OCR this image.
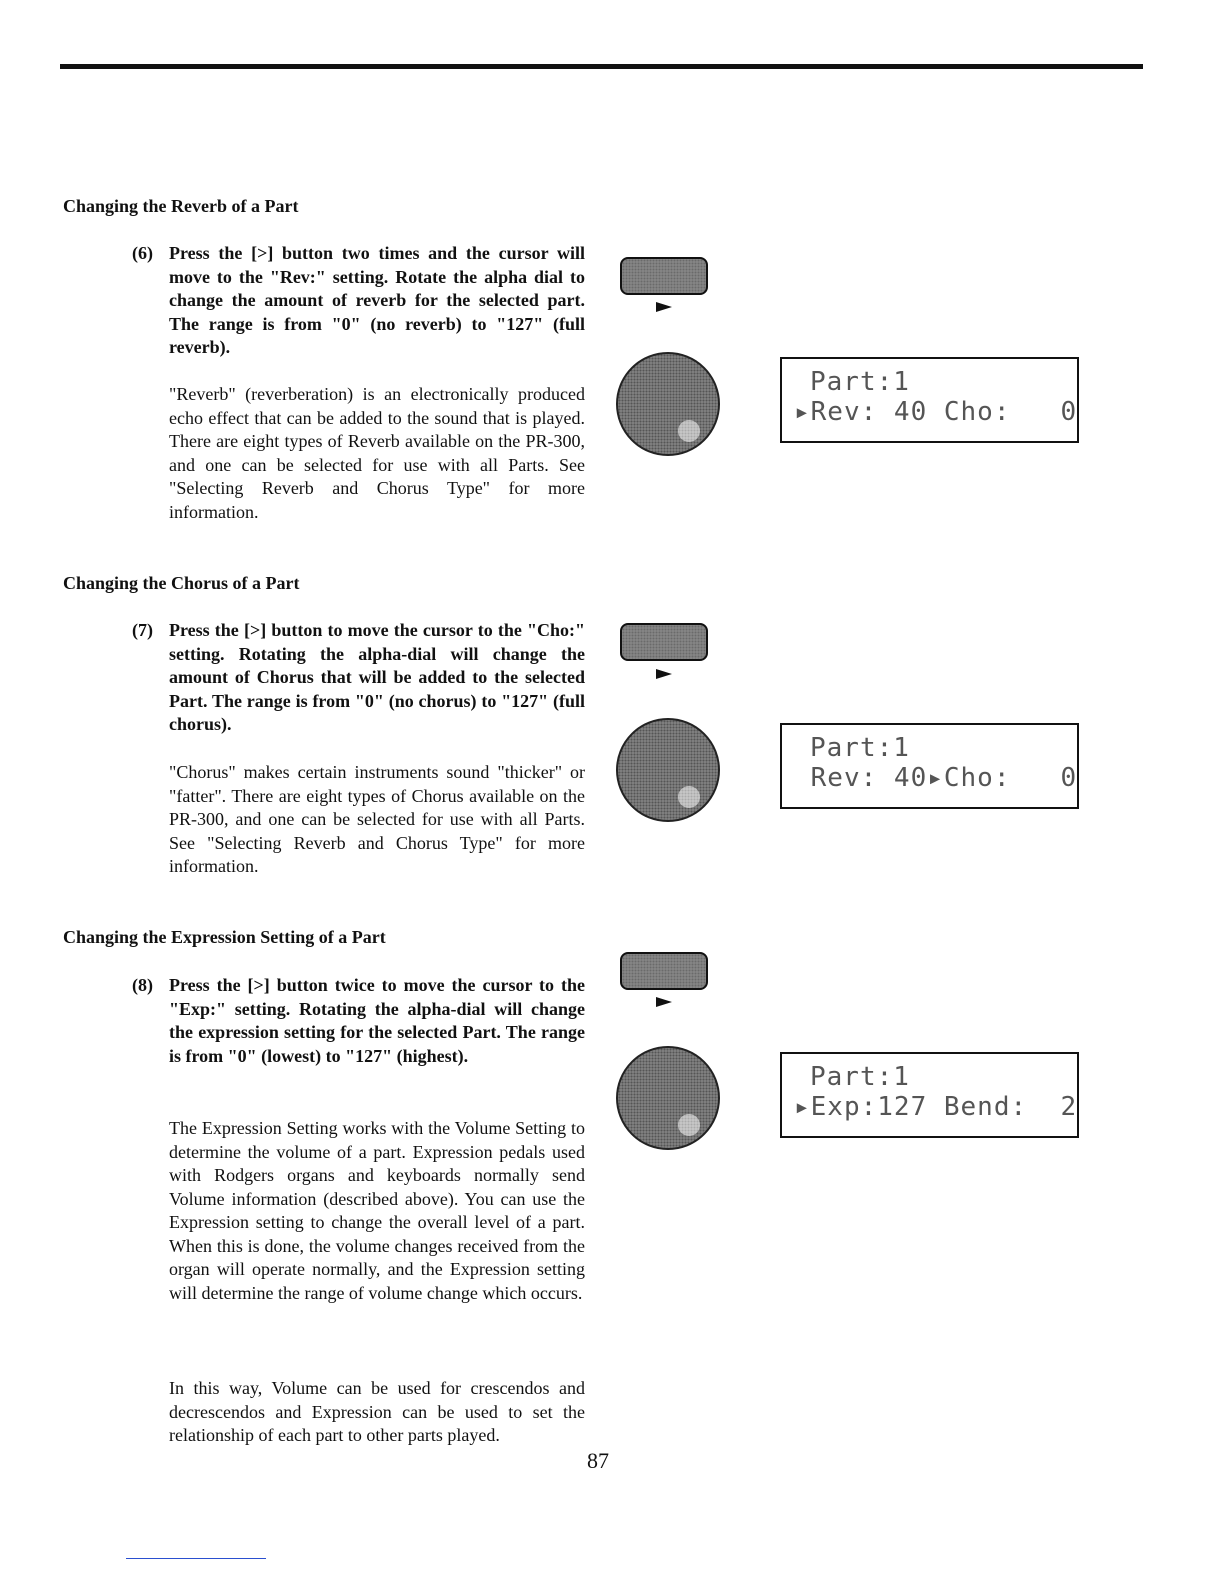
Changing the Reverb of a Part
(6) Press the [>] button two times and the cursor will move to the "Rev:" setting. Rotate the alpha dial to change the amount of reverb for the selected part. The range is from "0" (no reverb) to "127" (full reverb).
"Reverb" (reverberation) is an electronically produced echo effect that can be added to the sound that is played. There are eight types of Reverb available on the PR-300, and one can be selected for use with all Parts. See "Selecting Reverb and Chorus Type" for more information.
Part:1
▸Rev: 40 Cho:   0
Changing the Chorus of a Part
(7) Press the [>] button to move the cursor to the "Cho:" setting. Rotating the alpha-dial will change the amount of Chorus that will be added to the selected Part. The range is from "0" (no chorus) to "127" (full chorus).
"Chorus" makes certain instruments sound "thicker" or "fatter". There are eight types of Chorus available on the PR-300, and one can be selected for use with all Parts. See "Selecting Reverb and Chorus Type" for more information.
Part:1
Rev: 40▸Cho:   0
Changing the Expression Setting of a Part
(8) Press the [>] button twice to move the cursor to the "Exp:" setting. Rotating the alpha-dial will change the expression setting for the selected Part. The range is from "0" (lowest) to "127" (highest).
The Expression Setting works with the Volume Setting to determine the volume of a part. Expression pedals used with Rodgers organs and keyboards normally send Volume information (described above). You can use the Expression setting to change the overall level of a part. When this is done, the volume changes received from the organ will operate normally, and the Expression setting will determine the range of volume change which occurs.
In this way, Volume can be used for crescendos and decrescendos and Expression can be used to set the relationship of each part to other parts played.
Part:1
▸Exp:127 Bend:  2
87
